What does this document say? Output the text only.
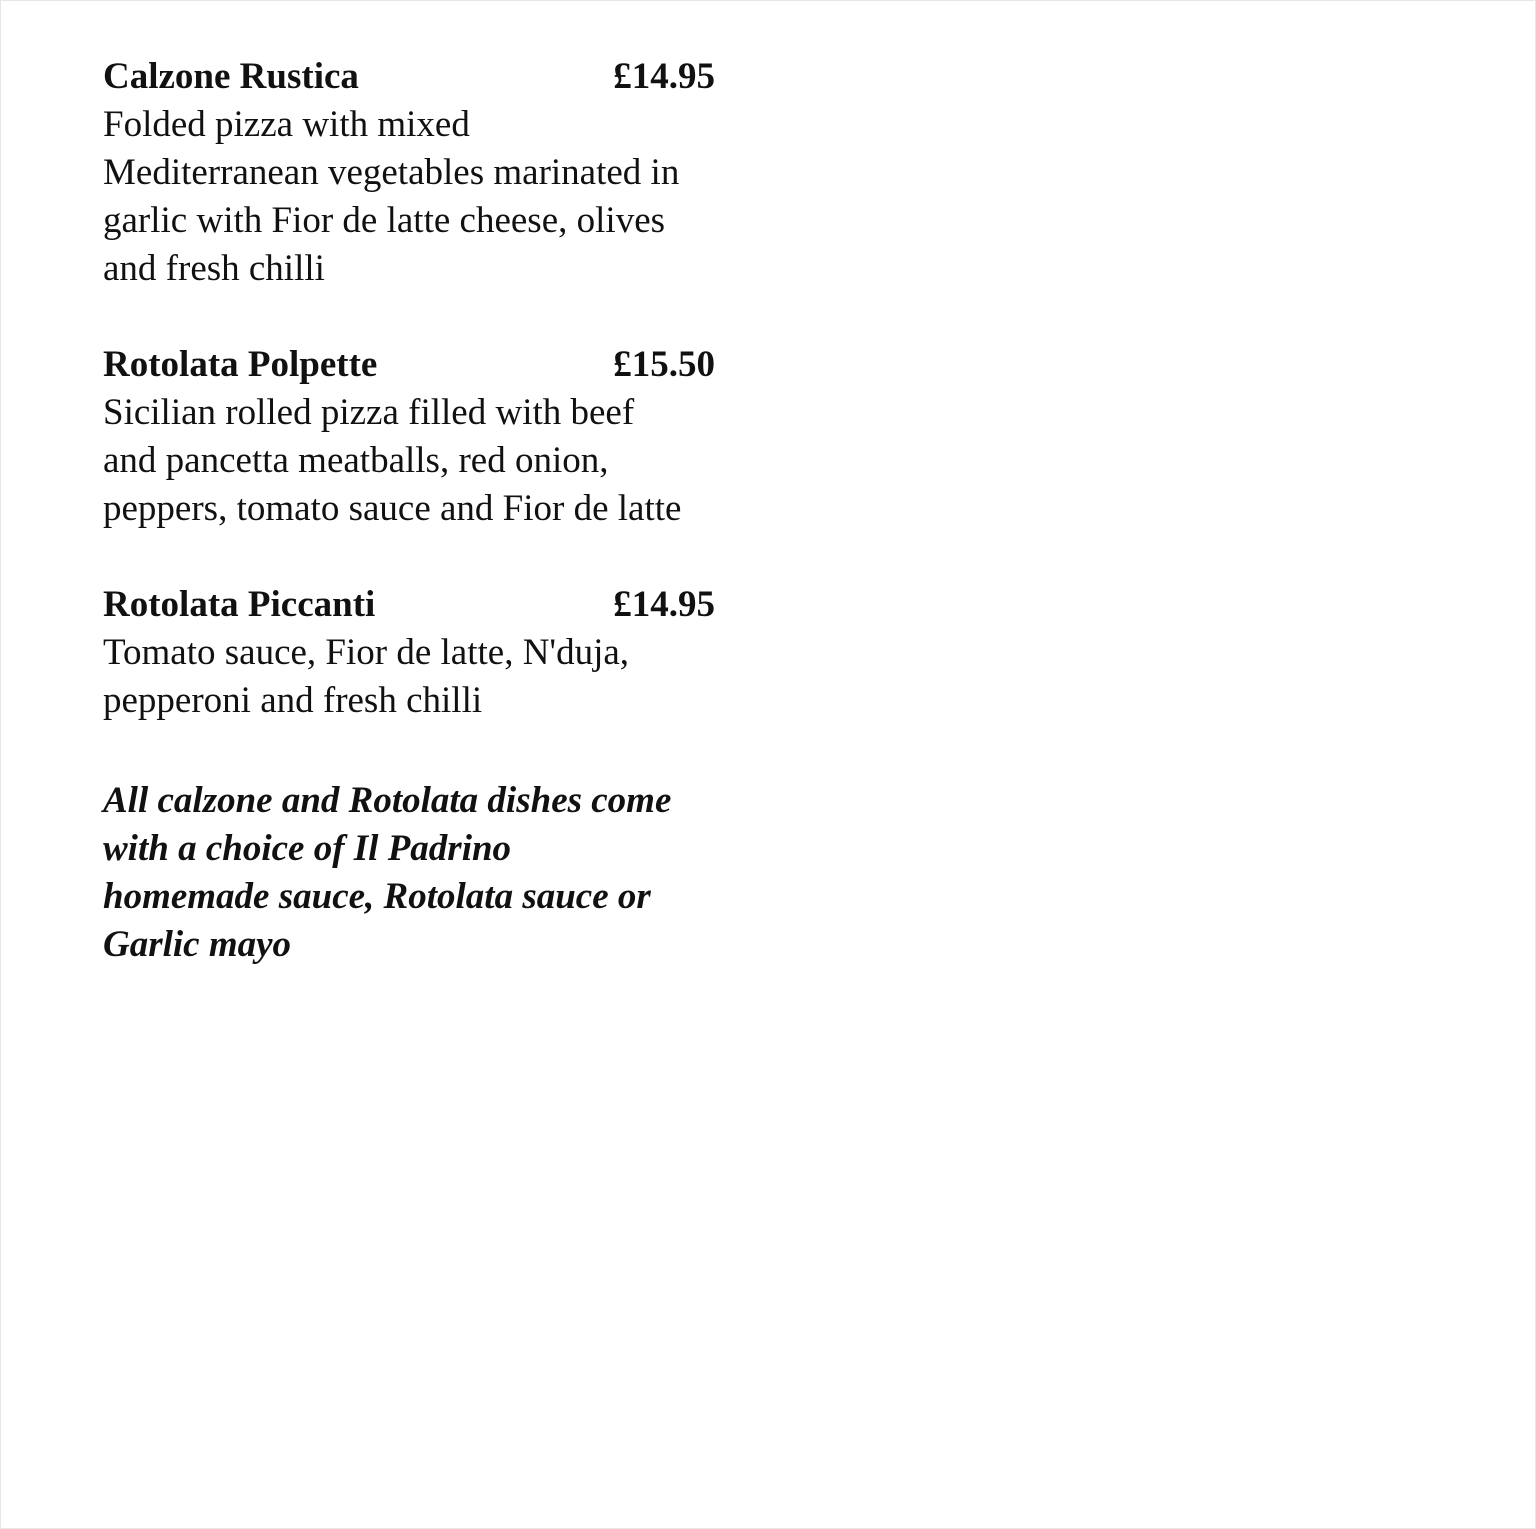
Calzone Rustica	£14.95

Folded pizza with mixed
Mediterranean vegetables marinated in
garlic with Fior de latte cheese, olives
and fresh chilli

Rotolata Polpette	£15.50

Sicilian rolled pizza filled with beef
and pancetta meatballs, red onion,
peppers, tomato sauce and Fior de latte

Rotolata Piccanti	£14.95

Tomato sauce, Fior de latte, N'duja,
pepperoni and fresh chilli

All calzone and Rotolata dishes come
with a choice of Il Padrino
homemade sauce, Rotolata sauce or
Garlic mayo
